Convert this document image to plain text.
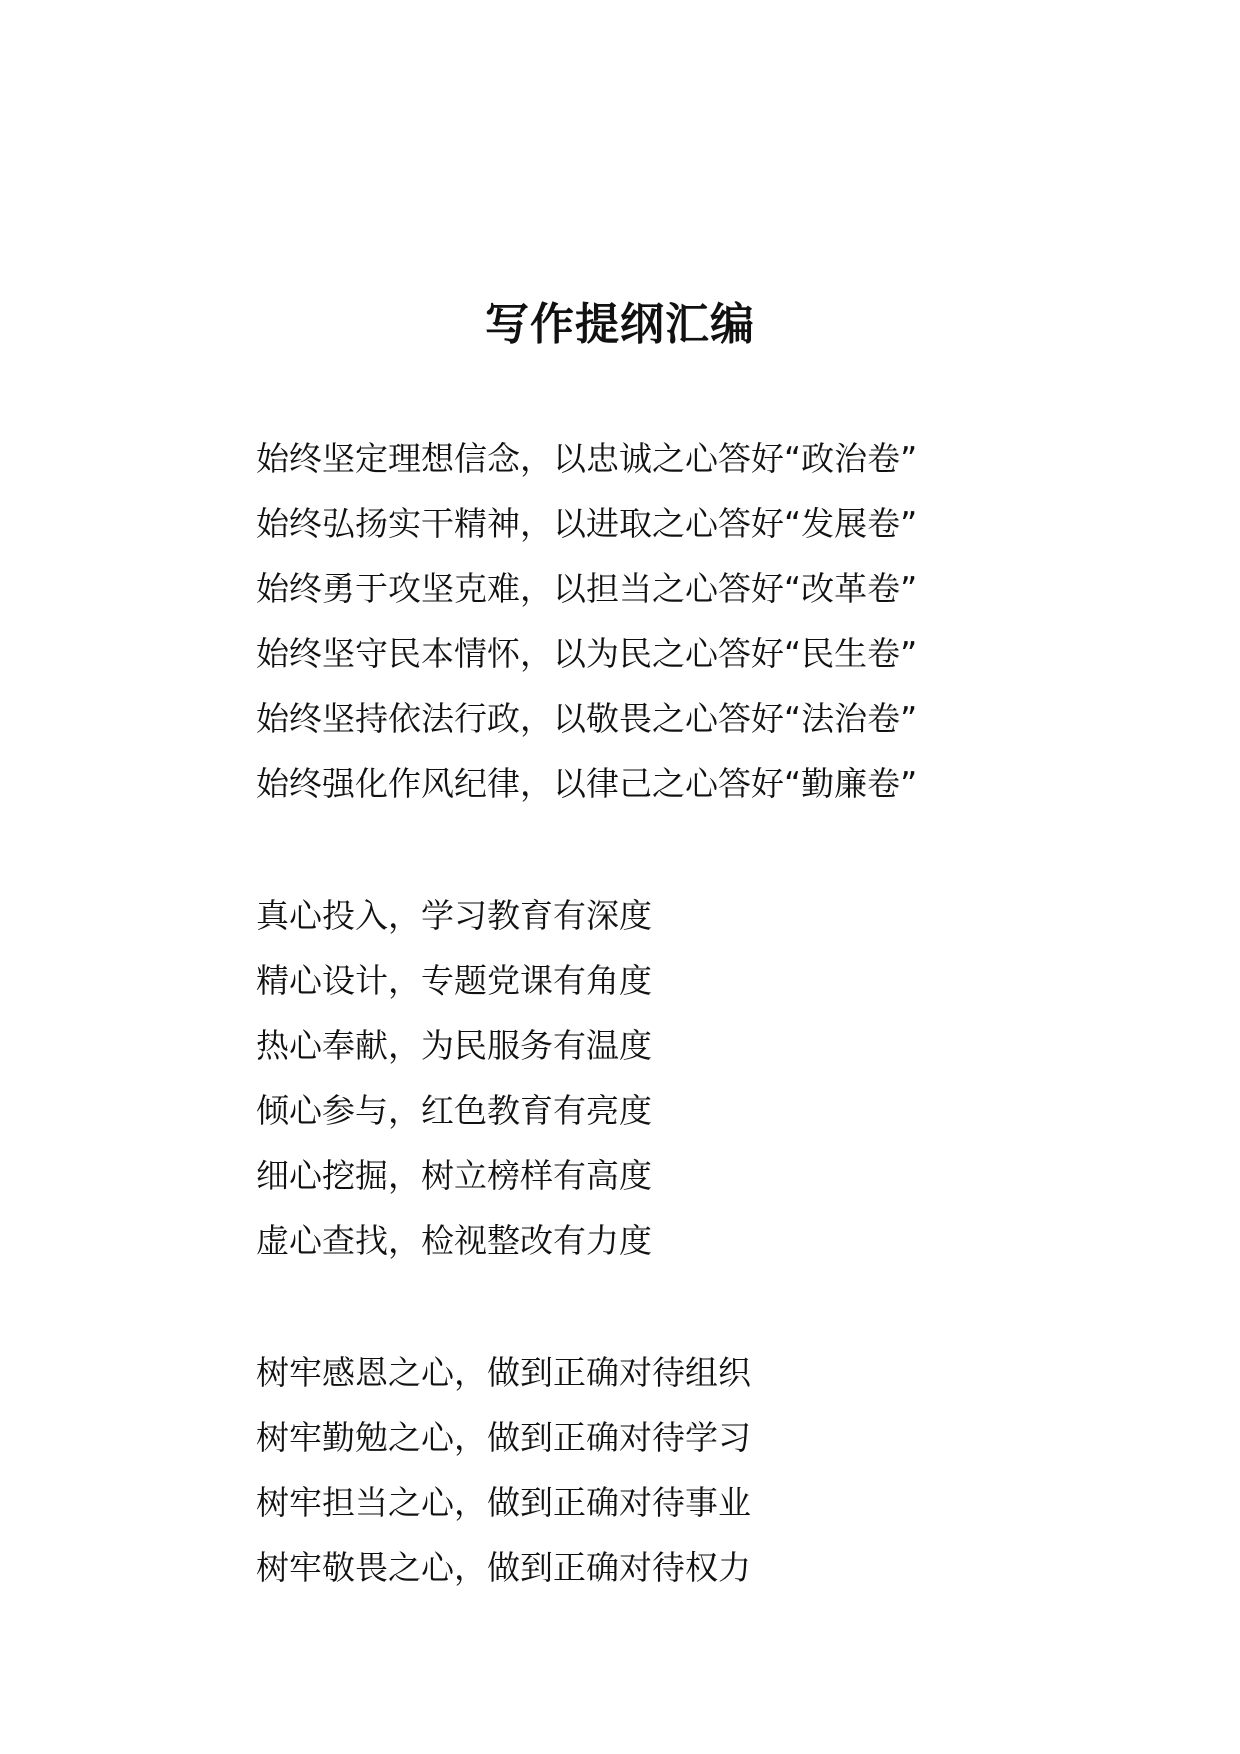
写作提纲汇编
始终坚定理想信念，以忠诚之心答好“政治卷”
始终弘扬实干精神，以进取之心答好“发展卷”
始终勇于攻坚克难，以担当之心答好“改革卷”
始终坚守民本情怀，以为民之心答好“民生卷”
始终坚持依法行政，以敬畏之心答好“法治卷”
始终强化作风纪律，以律己之心答好“勤廉卷”
真心投入，学习教育有深度
精心设计，专题党课有角度
热心奉献，为民服务有温度
倾心参与，红色教育有亮度
细心挖掘，树立榜样有高度
虚心查找，检视整改有力度
树牢感恩之心，做到正确对待组织
树牢勤勉之心，做到正确对待学习
树牢担当之心，做到正确对待事业
树牢敬畏之心，做到正确对待权力
